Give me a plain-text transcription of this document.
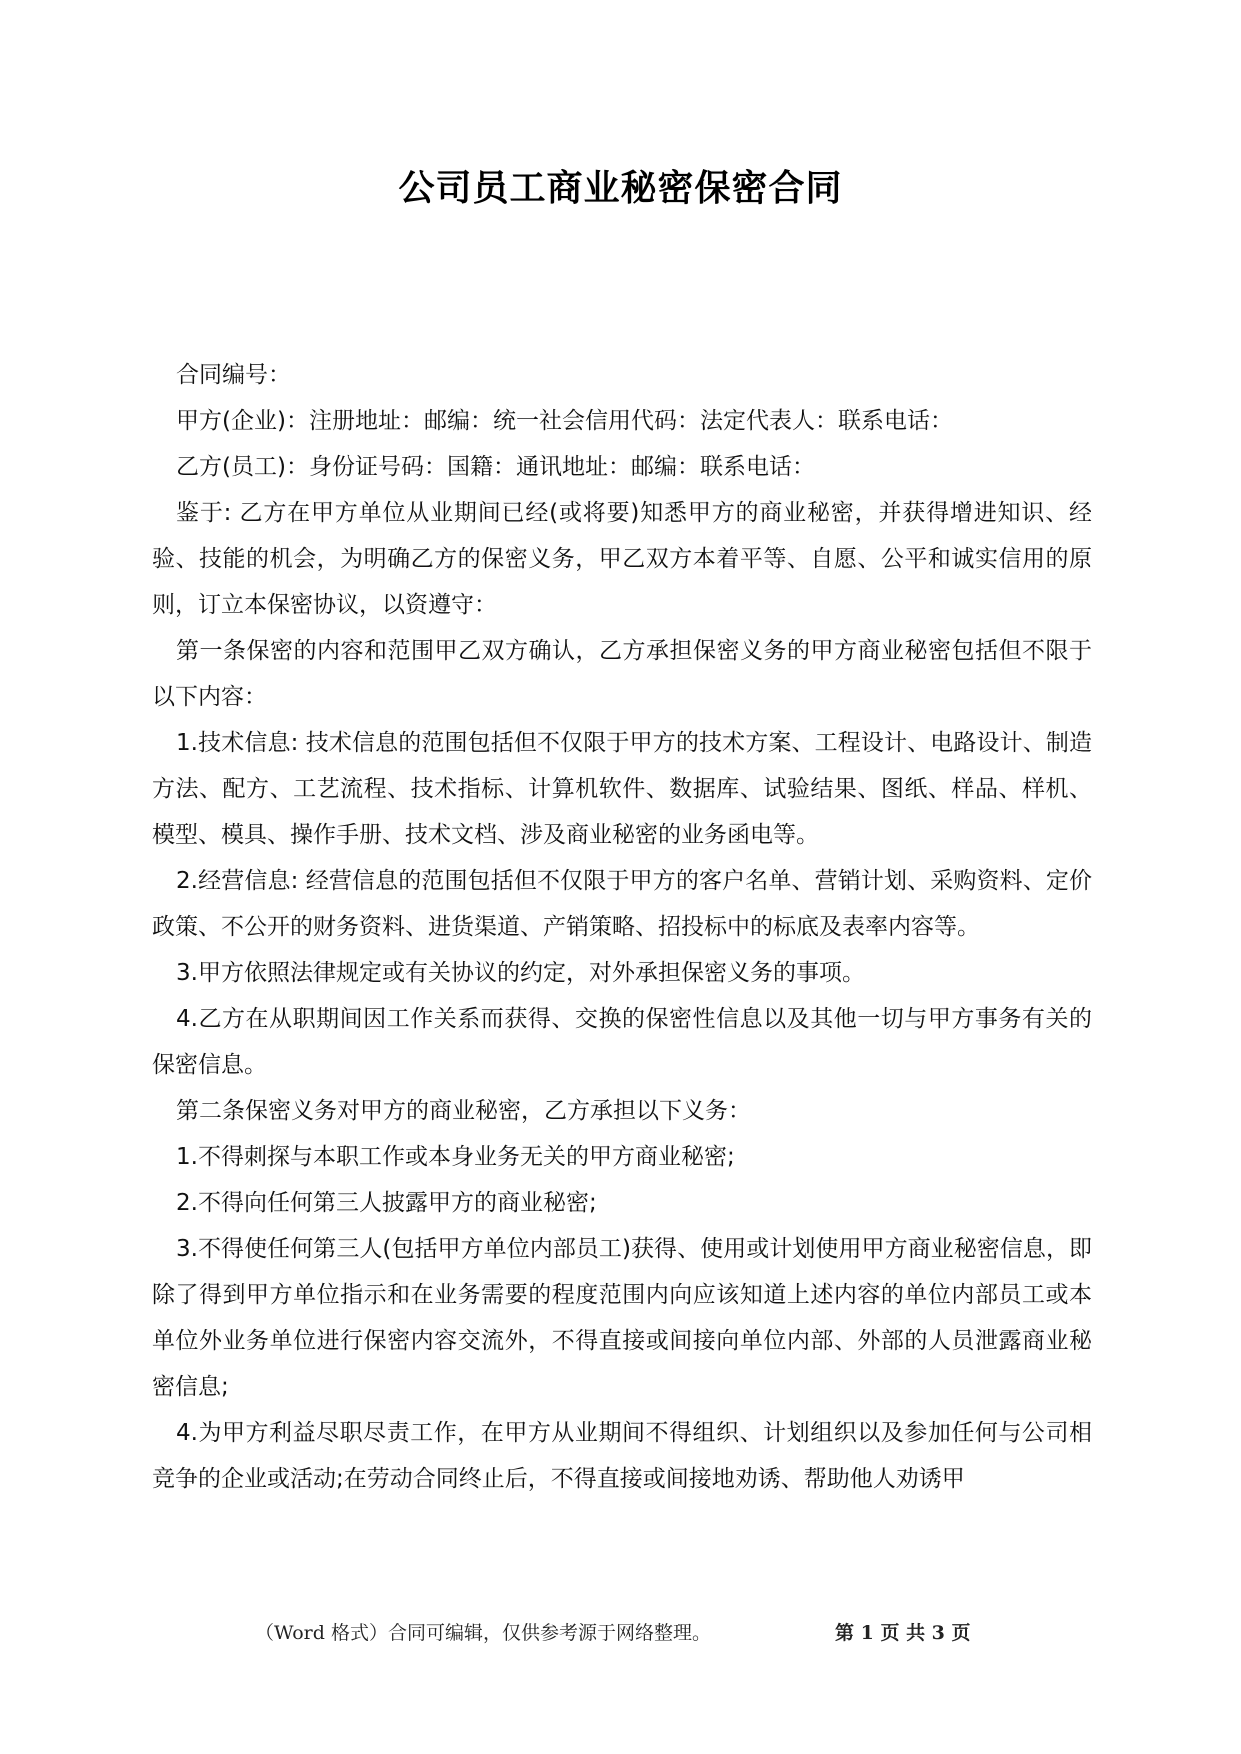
公司员工商业秘密保密合同

合同编号：

甲方(企业)：注册地址：邮编：统一社会信用代码：法定代表人：联系电话：

乙方(员工)：身份证号码：国籍：通讯地址：邮编：联系电话：

鉴于: 乙方在甲方单位从业期间已经(或将要)知悉甲方的商业秘密，并获得增进知识、经验、技能的机会，为明确乙方的保密义务，甲乙双方本着平等、自愿、公平和诚实信用的原则，订立本保密协议，以资遵守：

第一条保密的内容和范围甲乙双方确认，乙方承担保密义务的甲方商业秘密包括但不限于以下内容：

1.技术信息: 技术信息的范围包括但不仅限于甲方的技术方案、工程设计、电路设计、制造方法、配方、工艺流程、技术指标、计算机软件、数据库、试验结果、图纸、样品、样机、模型、模具、操作手册、技术文档、涉及商业秘密的业务函电等。

2.经营信息: 经营信息的范围包括但不仅限于甲方的客户名单、营销计划、采购资料、定价政策、不公开的财务资料、进货渠道、产销策略、招投标中的标底及表率内容等。

3.甲方依照法律规定或有关协议的约定，对外承担保密义务的事项。

4.乙方在从职期间因工作关系而获得、交换的保密性信息以及其他一切与甲方事务有关的保密信息。

第二条保密义务对甲方的商业秘密，乙方承担以下义务：

1.不得刺探与本职工作或本身业务无关的甲方商业秘密;

2.不得向任何第三人披露甲方的商业秘密;

3.不得使任何第三人(包括甲方单位内部员工)获得、使用或计划使用甲方商业秘密信息，即除了得到甲方单位指示和在业务需要的程度范围内向应该知道上述内容的单位内部员工或本单位外业务单位进行保密内容交流外，不得直接或间接向单位内部、外部的人员泄露商业秘密信息;

4.为甲方利益尽职尽责工作，在甲方从业期间不得组织、计划组织以及参加任何与公司相竞争的企业或活动;在劳动合同终止后，不得直接或间接地劝诱、帮助他人劝诱甲

（Word 格式）合同可编辑，仅供参考源于网络整理。	第 1 页 共 3 页
